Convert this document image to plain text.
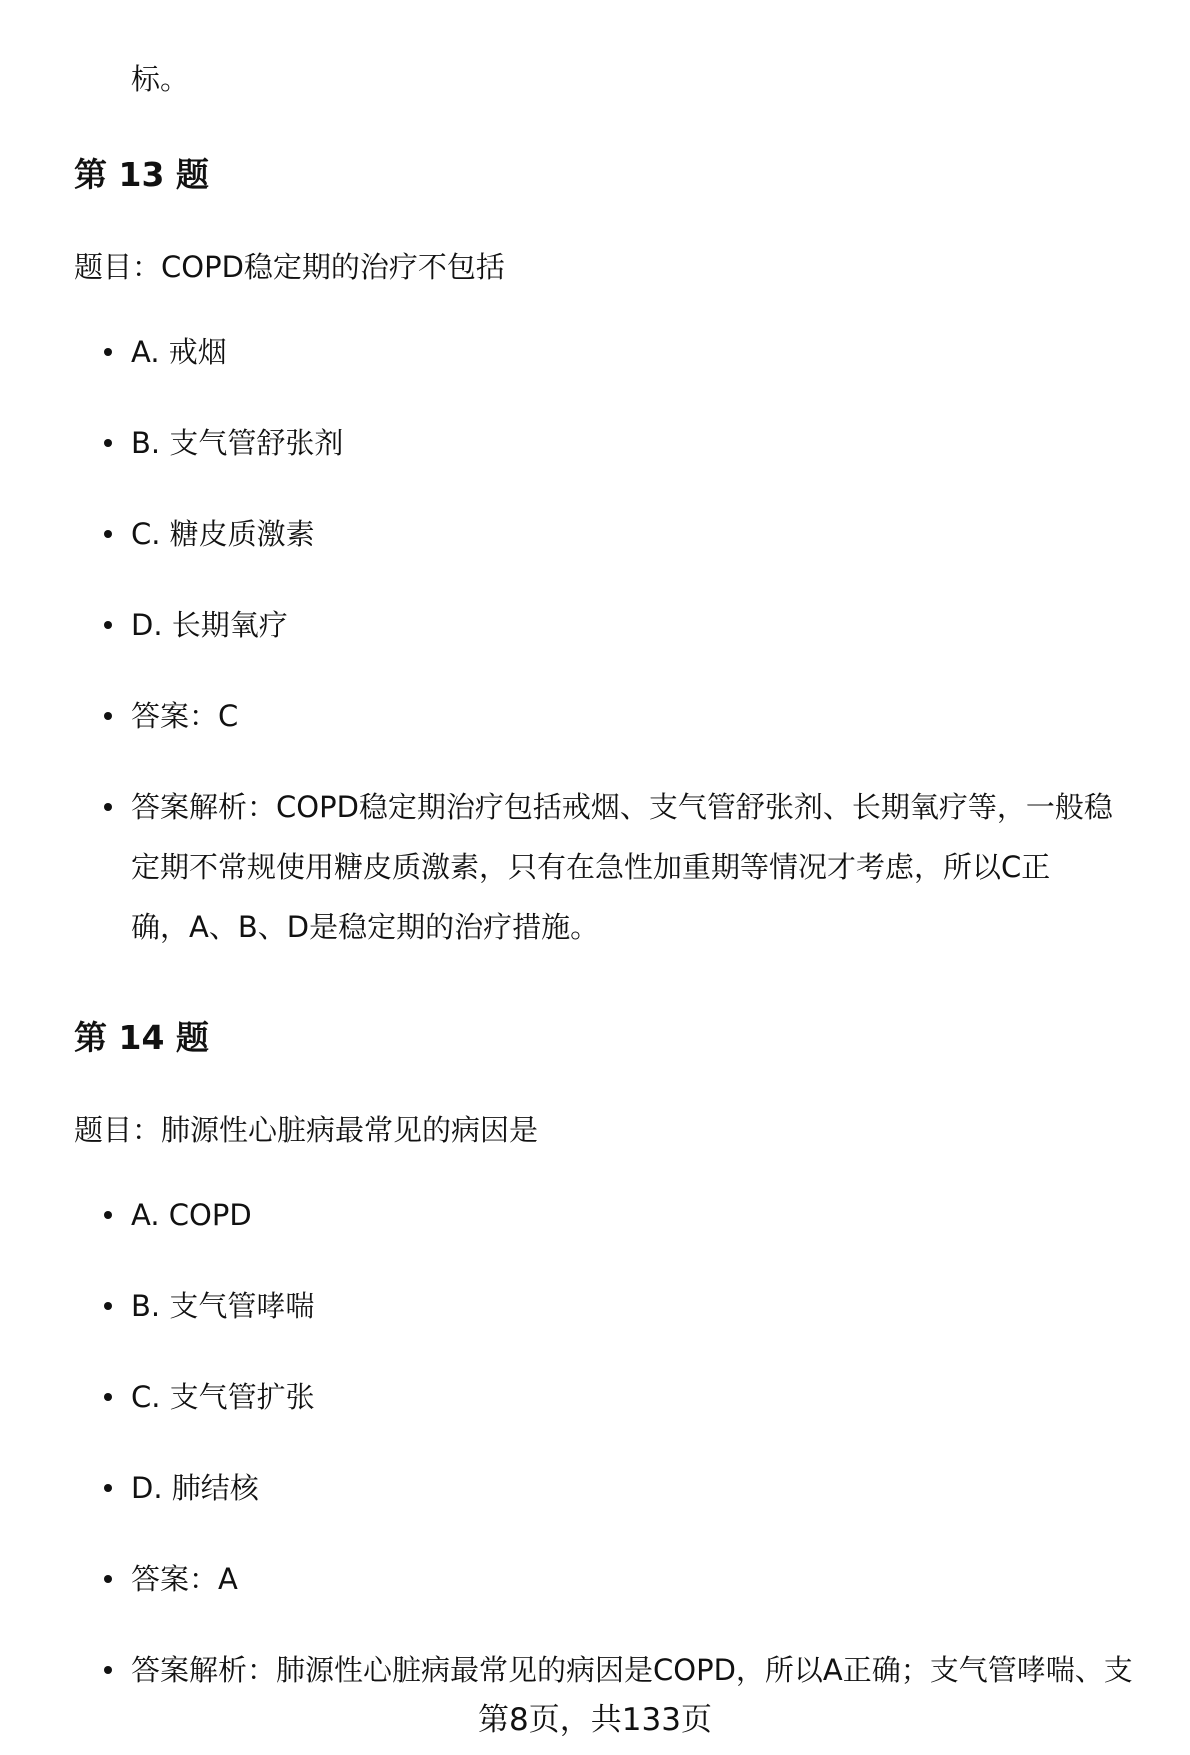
标。
第 13 题
题目：COPD稳定期的治疗不包括
A. 戒烟
B. 支气管舒张剂
C. 糖皮质激素
D. 长期氧疗
答案：C
答案解析：COPD稳定期治疗包括戒烟、支气管舒张剂、长期氧疗等，一般稳
定期不常规使用糖皮质激素，只有在急性加重期等情况才考虑，所以C正
确，A、B、D是稳定期的治疗措施。
第 14 题
题目：肺源性心脏病最常见的病因是
A. COPD
B. 支气管哮喘
C. 支气管扩张
D. 肺结核
答案：A
答案解析：肺源性心脏病最常见的病因是COPD，所以A正确；支气管哮喘、支
第8页，共133页
